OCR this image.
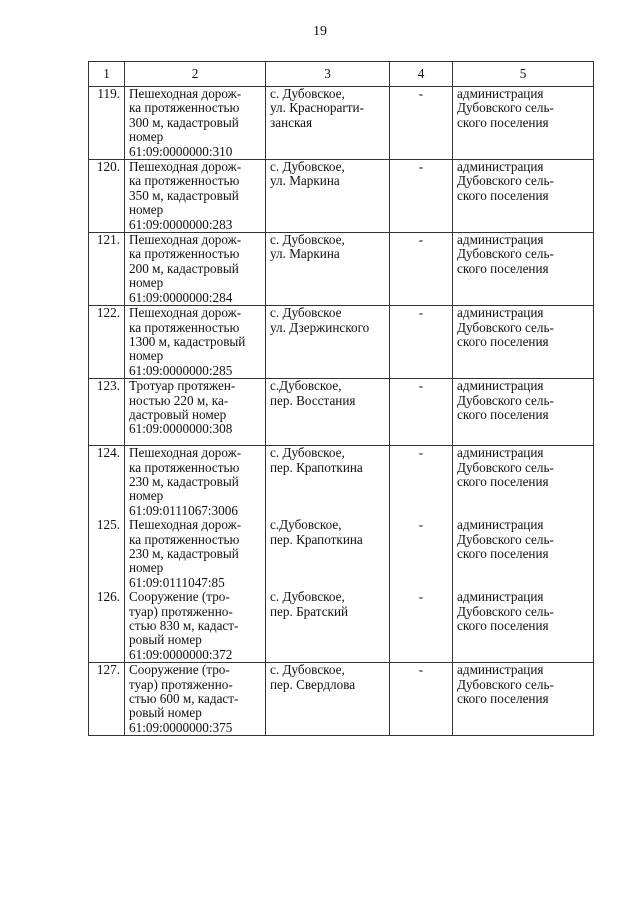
19
1	2	3	4	5
119.	Пешеходная дорож-
ка протяженностью
300 м, кадастровый
номер
61:09:0000000:310	с. Дубовское,
ул. Краснoparти-
занская	-	администрация
Дубовского сель-
ского поселения
120.	Пешеходная дорож-
ка протяженностью
350 м, кадастровый
номер
61:09:0000000:283	с. Дубовское,
ул. Маркина	-	администрация
Дубовского сель-
ского поселения
121.	Пешеходная дорож-
ка протяженностью
200 м, кадастровый
номер
61:09:0000000:284	с. Дубовское,
ул. Маркина	-	администрация
Дубовского сель-
ского поселения
122.	Пешеходная дорож-
ка протяженностью
1300 м, кадастровый
номер
61:09:0000000:285	с. Дубовское
ул. Дзержинского	-	администрация
Дубовского сель-
ского поселения
123.	Тротуар протяжен-
ностью 220 м, ка-
дастровый номер
61:09:0000000:308	с.Дубовское,
пер. Восстания	-	администрация
Дубовского сель-
ского поселения
124.	Пешеходная дорож-
ка протяженностью
230 м, кадастровый
номер
61:09:0111067:3006	с. Дубовское,
пер. Крапоткина	-	администрация
Дубовского сель-
ского поселения
125.	Пешеходная дорож-
ка протяженностью
230 м, кадастровый
номер
61:09:0111047:85	с.Дубовское,
пер. Крапоткина	-	администрация
Дубовского сель-
ского поселения
126.	Сооружение (тро-
туар) протяженно-
стью 830 м, кадаст-
ровый номер
61:09:0000000:372	с. Дубовское,
пер. Братский	-	администрация
Дубовского сель-
ского поселения
127.	Сооружение (тро-
туар) протяженно-
стью 600 м, кадаст-
ровый номер
61:09:0000000:375	с. Дубовское,
пер. Свердлова	-	администрация
Дубовского сель-
ского поселения
